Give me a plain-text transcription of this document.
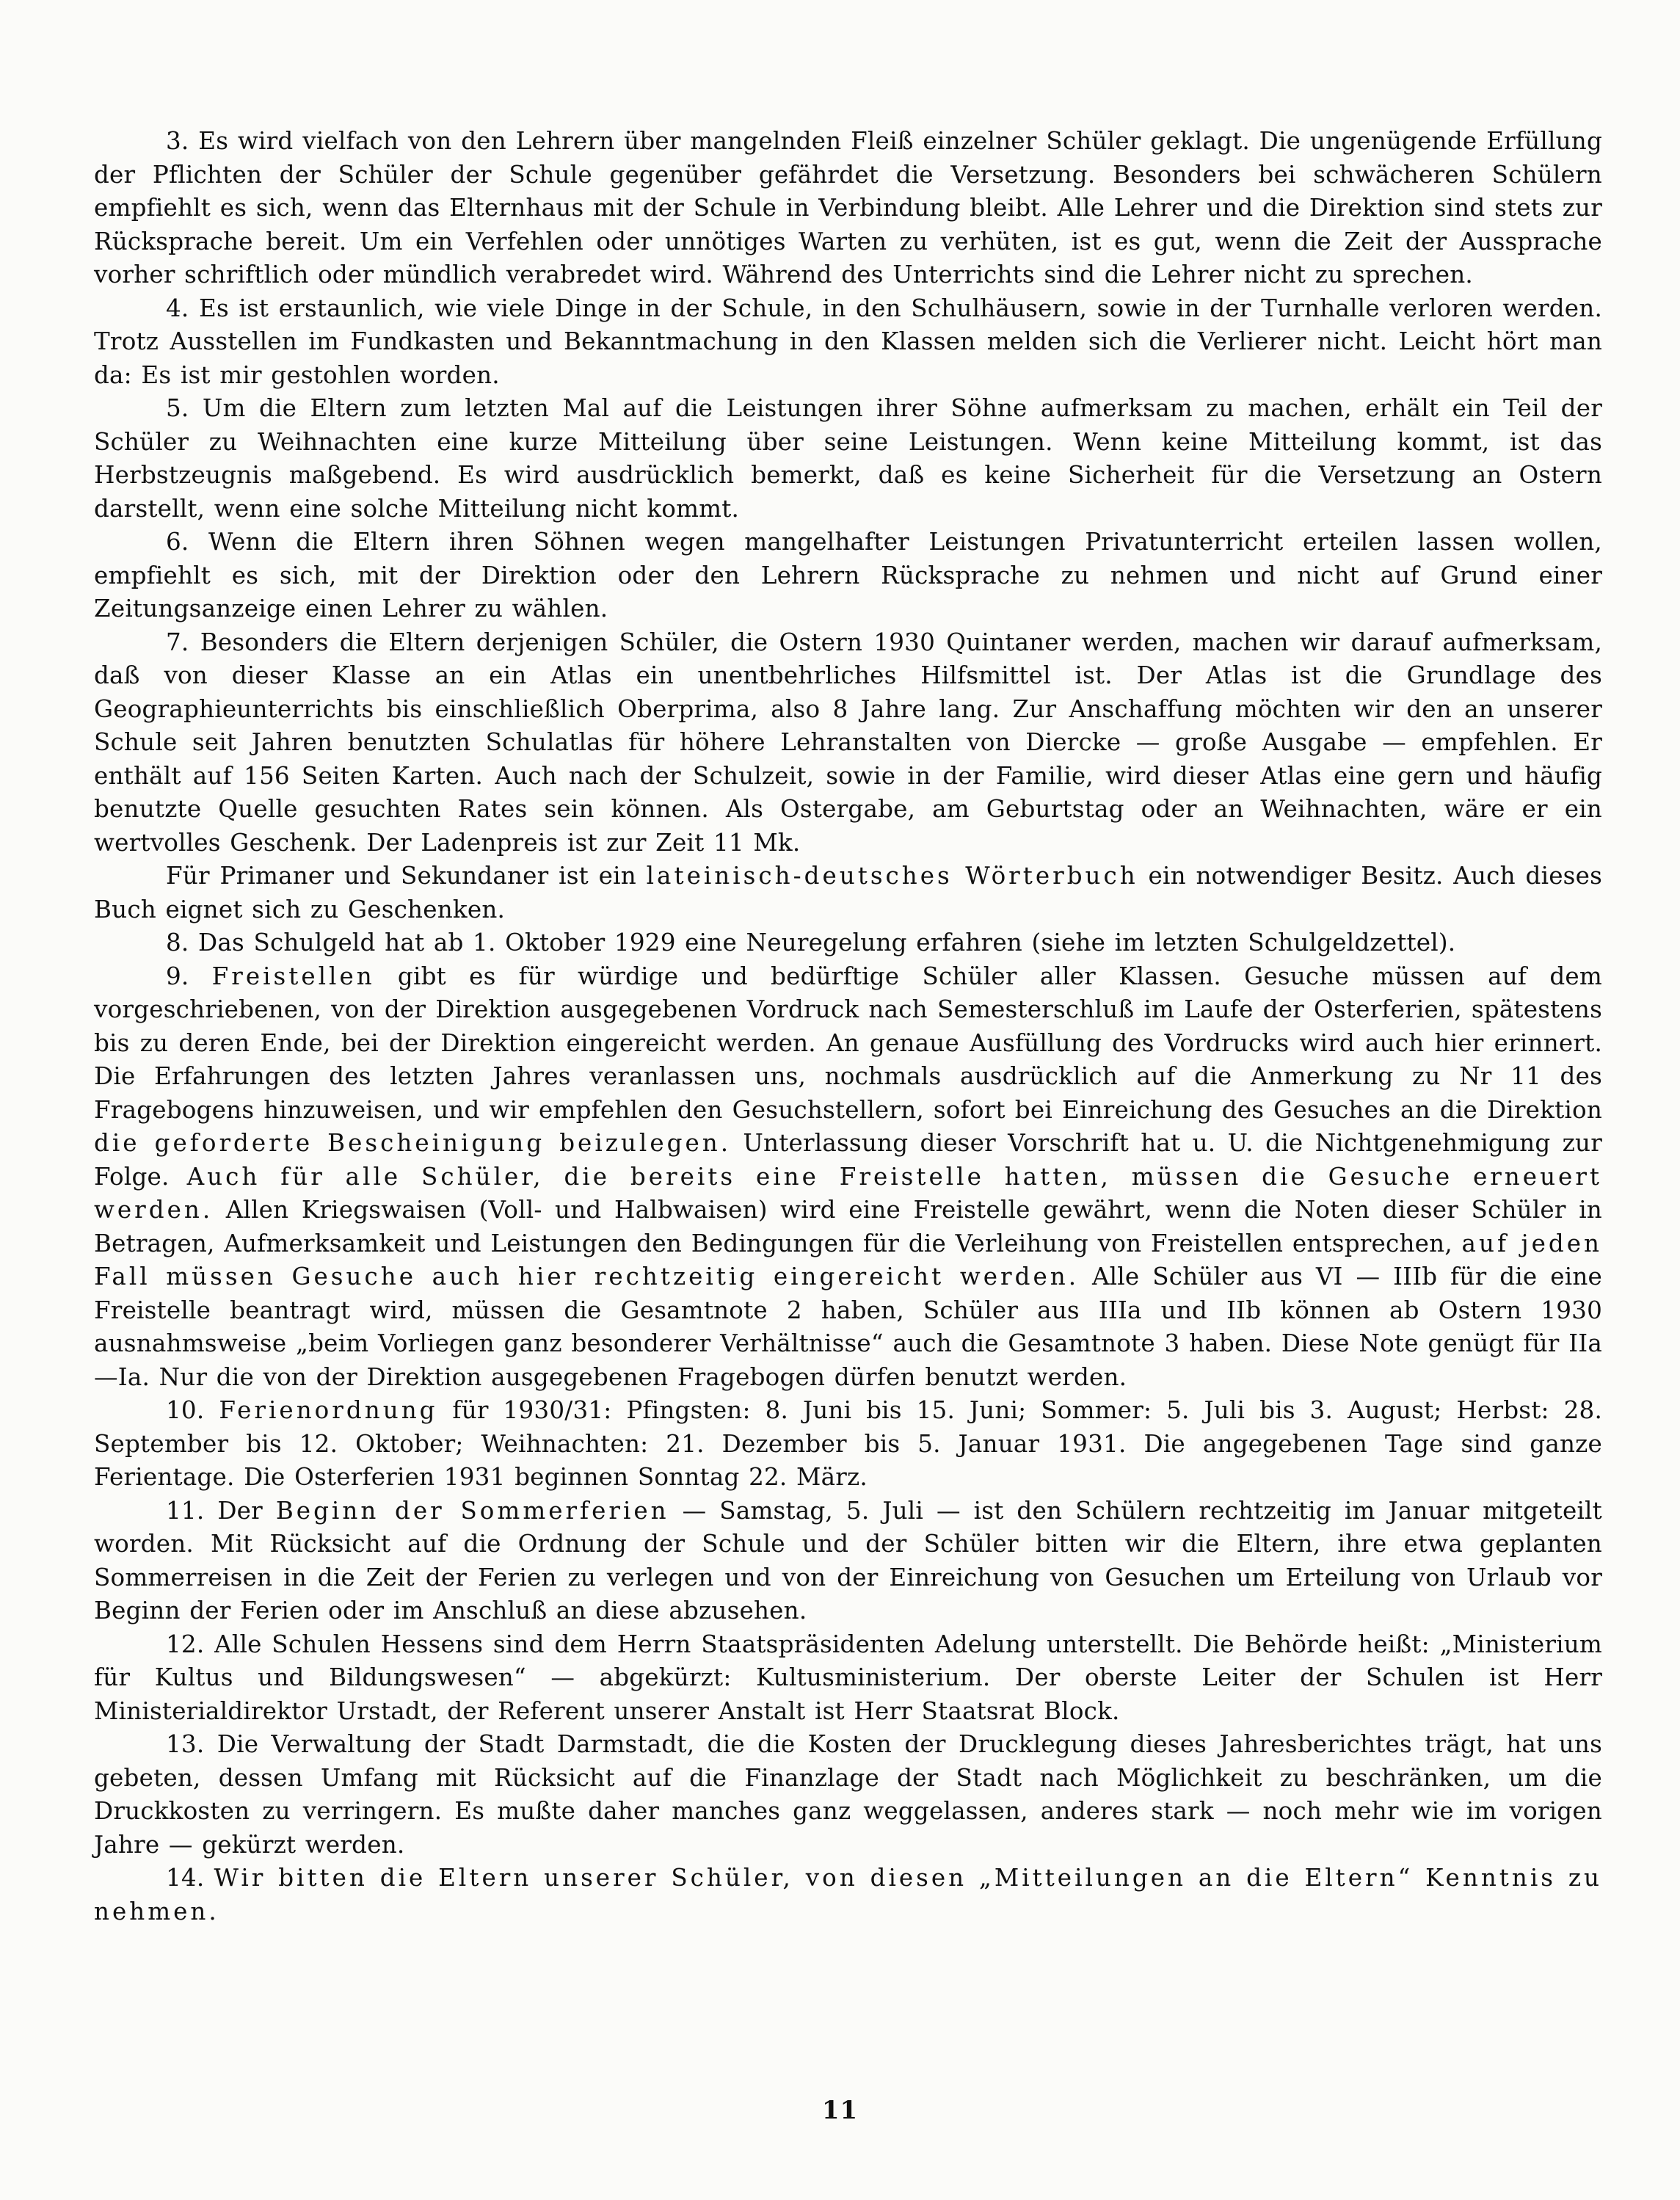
3. Es wird vielfach von den Lehrern über mangelnden Fleiß einzelner Schüler geklagt. Die ungenügende Erfüllung der Pflichten der Schüler der Schule gegenüber gefährdet die Versetzung. Besonders bei schwächeren Schülern empfiehlt es sich, wenn das Elternhaus mit der Schule in Verbindung bleibt. Alle Lehrer und die Direktion sind stets zur Rücksprache bereit. Um ein Verfehlen oder unnötiges Warten zu verhüten, ist es gut, wenn die Zeit der Aussprache vorher schriftlich oder mündlich verabredet wird. Während des Unterrichts sind die Lehrer nicht zu sprechen.

4. Es ist erstaunlich, wie viele Dinge in der Schule, in den Schulhäusern, sowie in der Turnhalle verloren werden. Trotz Ausstellen im Fundkasten und Bekanntmachung in den Klassen melden sich die Verlierer nicht. Leicht hört man da: Es ist mir gestohlen worden.

5. Um die Eltern zum letzten Mal auf die Leistungen ihrer Söhne aufmerksam zu machen, erhält ein Teil der Schüler zu Weihnachten eine kurze Mitteilung über seine Leistungen. Wenn keine Mitteilung kommt, ist das Herbstzeugnis maßgebend. Es wird ausdrücklich bemerkt, daß es keine Sicherheit für die Versetzung an Ostern darstellt, wenn eine solche Mitteilung nicht kommt.

6. Wenn die Eltern ihren Söhnen wegen mangelhafter Leistungen Privatunterricht erteilen lassen wollen, empfiehlt es sich, mit der Direktion oder den Lehrern Rücksprache zu nehmen und nicht auf Grund einer Zeitungsanzeige einen Lehrer zu wählen.

7. Besonders die Eltern derjenigen Schüler, die Ostern 1930 Quintaner werden, machen wir darauf aufmerksam, daß von dieser Klasse an ein Atlas ein unentbehrliches Hilfsmittel ist. Der Atlas ist die Grundlage des Geographieunterrichts bis einschließlich Oberprima, also 8 Jahre lang. Zur Anschaffung möchten wir den an unserer Schule seit Jahren benutzten Schulatlas für höhere Lehranstalten von Diercke — große Ausgabe — empfehlen. Er enthält auf 156 Seiten Karten. Auch nach der Schulzeit, sowie in der Familie, wird dieser Atlas eine gern und häufig benutzte Quelle gesuchten Rates sein können. Als Ostergabe, am Geburtstag oder an Weihnachten, wäre er ein wertvolles Geschenk. Der Ladenpreis ist zur Zeit 11 Mk.

Für Primaner und Sekundaner ist ein lateinisch-deutsches Wörterbuch ein notwendiger Besitz. Auch dieses Buch eignet sich zu Geschenken.

8. Das Schulgeld hat ab 1. Oktober 1929 eine Neuregelung erfahren (siehe im letzten Schulgeldzettel).

9. Freistellen gibt es für würdige und bedürftige Schüler aller Klassen. Gesuche müssen auf dem vorgeschriebenen, von der Direktion ausgegebenen Vordruck nach Semesterschluß im Laufe der Osterferien, spätestens bis zu deren Ende, bei der Direktion eingereicht werden. An genaue Ausfüllung des Vordrucks wird auch hier erinnert. Die Erfahrungen des letzten Jahres veranlassen uns, nochmals ausdrücklich auf die Anmerkung zu Nr 11 des Fragebogens hinzuweisen, und wir empfehlen den Gesuchstellern, sofort bei Einreichung des Gesuches an die Direktion die geforderte Bescheinigung beizulegen. Unterlassung dieser Vorschrift hat u. U. die Nichtgenehmigung zur Folge. Auch für alle Schüler, die bereits eine Freistelle hatten, müssen die Gesuche erneuert werden. Allen Kriegswaisen (Voll- und Halbwaisen) wird eine Freistelle gewährt, wenn die Noten dieser Schüler in Betragen, Aufmerksamkeit und Leistungen den Bedingungen für die Verleihung von Freistellen entsprechen, auf jeden Fall müssen Gesuche auch hier rechtzeitig eingereicht werden. Alle Schüler aus VI — IIIb für die eine Freistelle beantragt wird, müssen die Gesamtnote 2 haben, Schüler aus IIIa und IIb können ab Ostern 1930 ausnahmsweise „beim Vorliegen ganz besonderer Verhältnisse“ auch die Gesamtnote 3 haben. Diese Note genügt für IIa—Ia. Nur die von der Direktion ausgegebenen Fragebogen dürfen benutzt werden.

10. Ferienordnung für 1930/31: Pfingsten: 8. Juni bis 15. Juni; Sommer: 5. Juli bis 3. August; Herbst: 28. September bis 12. Oktober; Weihnachten: 21. Dezember bis 5. Januar 1931. Die angegebenen Tage sind ganze Ferientage. Die Osterferien 1931 beginnen Sonntag 22. März.

11. Der Beginn der Sommerferien — Samstag, 5. Juli — ist den Schülern rechtzeitig im Januar mitgeteilt worden. Mit Rücksicht auf die Ordnung der Schule und der Schüler bitten wir die Eltern, ihre etwa geplanten Sommerreisen in die Zeit der Ferien zu verlegen und von der Einreichung von Gesuchen um Erteilung von Urlaub vor Beginn der Ferien oder im Anschluß an diese abzusehen.

12. Alle Schulen Hessens sind dem Herrn Staatspräsidenten Adelung unterstellt. Die Behörde heißt: „Ministerium für Kultus und Bildungswesen“ — abgekürzt: Kultusministerium. Der oberste Leiter der Schulen ist Herr Ministerialdirektor Urstadt, der Referent unserer Anstalt ist Herr Staatsrat Block.

13. Die Verwaltung der Stadt Darmstadt, die die Kosten der Drucklegung dieses Jahresberichtes trägt, hat uns gebeten, dessen Umfang mit Rücksicht auf die Finanzlage der Stadt nach Möglichkeit zu beschränken, um die Druckkosten zu verringern. Es mußte daher manches ganz weggelassen, anderes stark — noch mehr wie im vorigen Jahre — gekürzt werden.

14. Wir bitten die Eltern unserer Schüler, von diesen „Mitteilungen an die Eltern“ Kenntnis zu nehmen.

11
